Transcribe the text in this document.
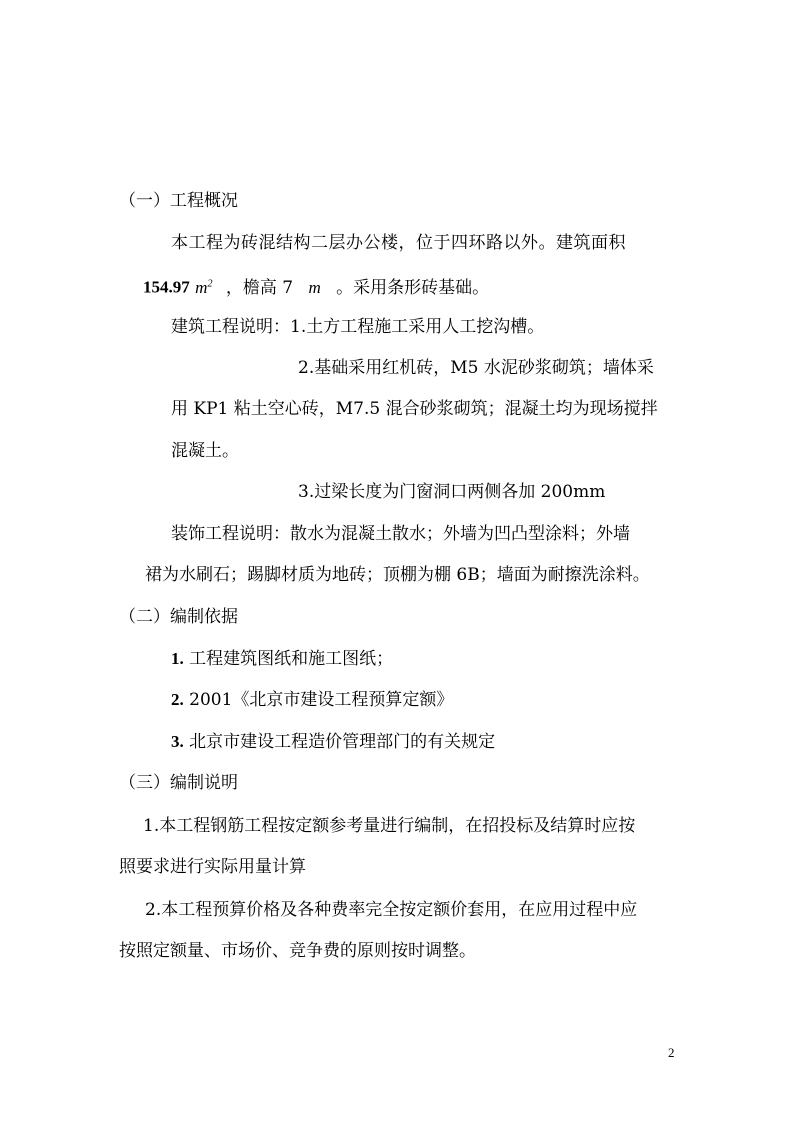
（一）工程概况
本工程为砖混结构二层办公楼，位于四环路以外。建筑面积
154.97 $m^2$ ，檐高 7 m 。采用条形砖基础。
建筑工程说明：1.土方工程施工采用人工挖沟槽。
2.基础采用红机砖，M5 水泥砂浆砌筑；墙体采
用 KP1 粘土空心砖，M7.5 混合砂浆砌筑；混凝土均为现场搅拌
混凝土。
3.过梁长度为门窗洞口两侧各加 200mm
装饰工程说明：散水为混凝土散水；外墙为凹凸型涂料；外墙
裙为水刷石；踢脚材质为地砖；顶棚为棚 6B；墙面为耐擦洗涂料。
（二）编制依据
1. 工程建筑图纸和施工图纸；
2. 2001《北京市建设工程预算定额》
3. 北京市建设工程造价管理部门的有关规定
（三）编制说明
1.本工程钢筋工程按定额参考量进行编制，在招投标及结算时应按
照要求进行实际用量计算
2.本工程预算价格及各种费率完全按定额价套用，在应用过程中应
按照定额量、市场价、竞争费的原则按时调整。
2
